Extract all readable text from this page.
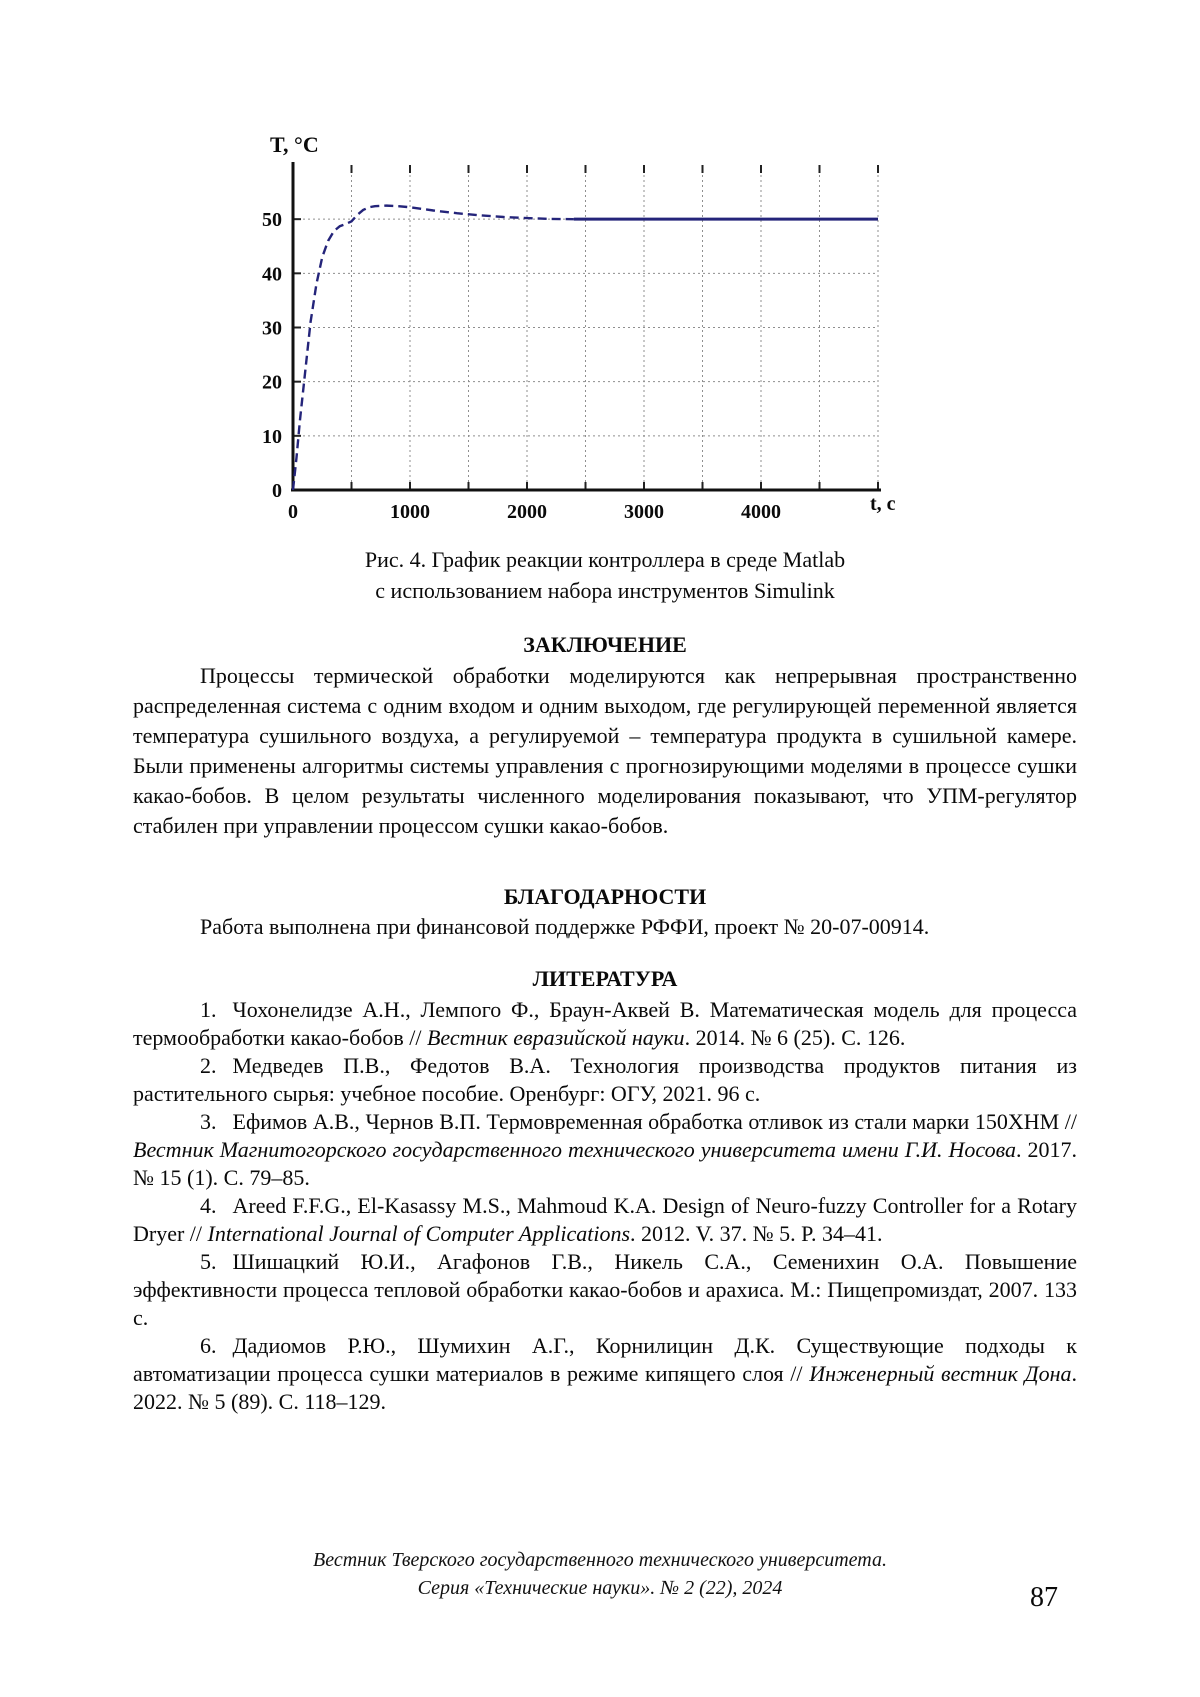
0
10
20
30
40
50
0	1000	2000	3000	4000
T, °C
t, c
Рис. 4. График реакции контроллера в среде Matlab
с использованием набора инструментов Simulink
ЗАКЛЮЧЕНИЕ

Процессы термической обработки моделируются как непрерывная пространственно распределенная система с одним входом и одним выходом, где регулирующей переменной является температура сушильного воздуха, а регулируемой – температура продукта в сушильной камере. Были применены алгоритмы системы управления с прогнозирующими моделями в процессе сушки какао-бобов. В целом результаты численного моделирования показывают, что УПМ-регулятор стабилен при управлении процессом сушки какао-бобов.

БЛАГОДАРНОСТИ

Работа выполнена при финансовой поддержке РФФИ, проект № 20-07-00914.

ЛИТЕРАТУРА

1. Чохонелидзе А.Н., Лемпого Ф., Браун-Аквей В. Математическая модель для процесса термообработки какао-бобов // Вестник евразийской науки. 2014. № 6 (25). С. 126.

2. Медведев П.В., Федотов В.А. Технология производства продуктов питания из растительного сырья: учебное пособие. Оренбург: ОГУ, 2021. 96 с.

3. Ефимов А.В., Чернов В.П. Термовременная обработка отливок из стали марки 150ХНМ // Вестник Магнитогорского государственного технического университета имени Г.И. Носова. 2017. № 15 (1). С. 79–85.

4. Areed F.F.G., El-Kasassy M.S., Mahmoud K.A. Design of Neuro-fuzzy Controller for a Rotary Dryer // International Journal of Computer Applications. 2012. V. 37. № 5. P. 34–41.

5. Шишацкий Ю.И., Агафонов Г.В., Никель С.А., Семенихин О.А. Повышение эффективности процесса тепловой обработки какао-бобов и арахиса. М.: Пищепромиздат, 2007. 133 с.

6. Дадиомов Р.Ю., Шумихин А.Г., Корнилицин Д.К. Существующие подходы к автоматизации процесса сушки материалов в режиме кипящего слоя // Инженерный вестник Дона. 2022. № 5 (89). С. 118–129.

Вестник Тверского государственного технического университета.
Серия «Технические науки». № 2 (22), 2024	87
